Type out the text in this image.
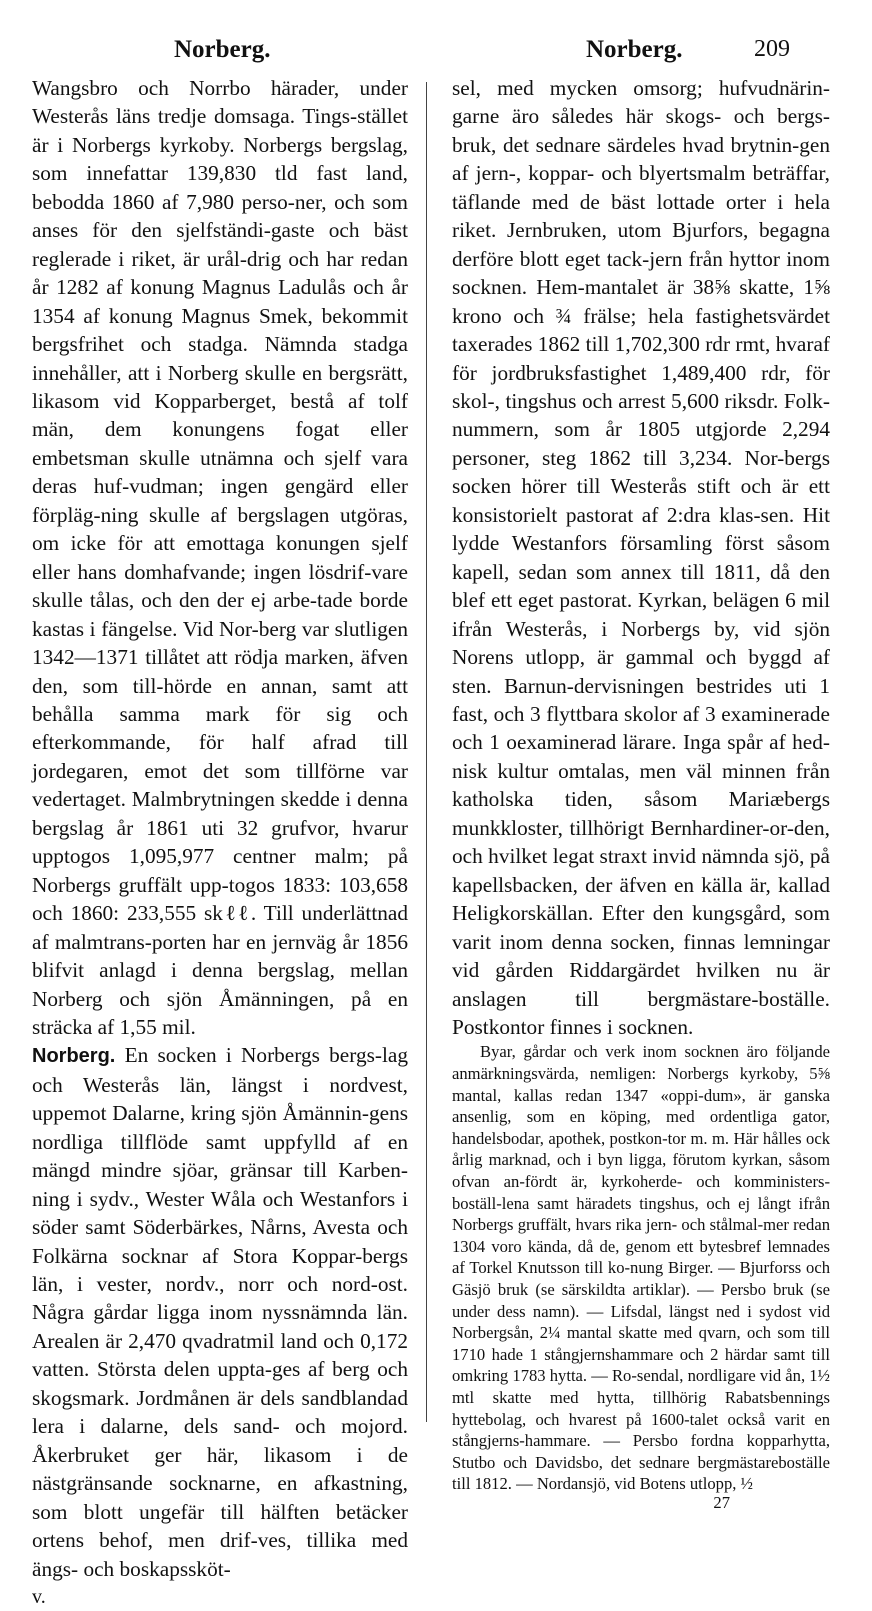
Norberg.	Norberg.	209

Wangsbro och Norrbo härader, under Westerås läns tredje domsaga. Tings-stället är i Norbergs kyrkoby. Norbergs bergslag, som innefattar 139,830 tld fast land, bebodda 1860 af 7,980 perso-ner, och som anses för den sjelfständi-gaste och bäst reglerade i riket, är urål-drig och har redan år 1282 af konung Magnus Ladulås och år 1354 af konung Magnus Smek, bekommit bergsfrihet och stadga. Nämnda stadga innehåller, att i Norberg skulle en bergsrätt, likasom vid Kopparberget, bestå af tolf män, dem konungens fogat eller embetsman skulle utnämna och sjelf vara deras huf-vudman; ingen gengärd eller förpläg-ning skulle af bergslagen utgöras, om icke för att emottaga konungen sjelf eller hans domhafvande; ingen lösdrif-vare skulle tålas, och den der ej arbe-tade borde kastas i fängelse. Vid Nor-berg var slutligen 1342—1371 tillåtet att rödja marken, äfven den, som till-hörde en annan, samt att behålla samma mark för sig och efterkommande, för half afrad till jordegaren, emot det som tillförne var vedertaget. Malmbrytningen skedde i denna bergslag år 1861 uti 32 grufvor, hvarur upptogos 1,095,977 centner malm; på Norbergs gruffält upp-togos 1833: 103,658 och 1860: 233,555 skℓℓ. Till underlättnad af malmtrans-porten har en jernväg år 1856 blifvit anlagd i denna bergslag, mellan Norberg och sjön Åmänningen, på en sträcka af 1,55 mil.

Norberg. En socken i Norbergs bergs-lag och Westerås län, längst i nordvest, uppemot Dalarne, kring sjön Åmännin-gens nordliga tillflöde samt uppfylld af en mängd mindre sjöar, gränsar till Karben-ning i sydv., Wester Wåla och Westanfors i söder samt Söderbärkes, Nårns, Avesta och Folkärna socknar af Stora Koppar-bergs län, i vester, nordv., norr och nord-ost. Några gårdar ligga inom nyssnämnda län. Arealen är 2,470 qvadratmil land och 0,172 vatten. Största delen uppta-ges af berg och skogsmark. Jordmånen är dels sandblandad lera i dalarne, dels sand- och mojord. Åkerbruket ger här, likasom i de nästgränsande socknarne, en afkastning, som blott ungefär till hälften betäcker ortens behof, men drif-ves, tillika med ängs- och boskapssköt-

v.

sel, med mycken omsorg; hufvudnärin-garne äro således här skogs- och bergs-bruk, det sednare särdeles hvad brytnin-gen af jern-, koppar- och blyertsmalm beträffar, täflande med de bäst lottade orter i hela riket. Jernbruken, utom Bjurfors, begagna derföre blott eget tack-jern från hyttor inom socknen. Hem-mantalet är 38⅝ skatte, 1⅝ krono och ¾ frälse; hela fastighetsvärdet taxerades 1862 till 1,702,300 rdr rmt, hvaraf för jordbruksfastighet 1,489,400 rdr, för skol-, tingshus och arrest 5,600 riksdr. Folk-nummern, som år 1805 utgjorde 2,294 personer, steg 1862 till 3,234. Nor-bergs socken hörer till Westerås stift och är ett konsistorielt pastorat af 2:dra klas-sen. Hit lydde Westanfors församling först såsom kapell, sedan som annex till 1811, då den blef ett eget pastorat. Kyrkan, belägen 6 mil ifrån Westerås, i Norbergs by, vid sjön Norens utlopp, är gammal och byggd af sten. Barnun-dervisningen bestrides uti 1 fast, och 3 flyttbara skolor af 3 examinerade och 1 oexaminerad lärare. Inga spår af hed-nisk kultur omtalas, men väl minnen från katholska tiden, såsom Mariæbergs munkkloster, tillhörigt Bernhardiner-or-den, och hvilket legat straxt invid nämnda sjö, på kapellsbacken, der äfven en källa är, kallad Heligkorskällan. Efter den kungsgård, som varit inom denna socken, finnas lemningar vid gården Riddargärdet hvilken nu är anslagen till bergmästare-boställe. Postkontor finnes i socknen.

Byar, gårdar och verk inom socknen äro följande anmärkningsvärda, nemligen: Norbergs kyrkoby, 5⅝ mantal, kallas redan 1347 «oppi-dum», är ganska ansenlig, som en köping, med ordentliga gator, handelsbodar, apothek, postkon-tor m. m. Här hålles ock årlig marknad, och i byn ligga, förutom kyrkan, såsom ofvan an-fördt är, kyrkoherde- och komministers-boställ-lena samt häradets tingshus, och ej långt ifrån Norbergs gruffält, hvars rika jern- och stålmal-mer redan 1304 voro kända, då de, genom ett bytesbref lemnades af Torkel Knutsson till ko-nung Birger. — Bjurforss och Gäsjö bruk (se särskildta artiklar). — Persbo bruk (se under dess namn). — Lifsdal, längst ned i sydost vid Norbergsån, 2¼ mantal skatte med qvarn, och som till 1710 hade 1 stångjernshammare och 2 härdar samt till omkring 1783 hytta. — Ro-sendal, nordligare vid ån, 1½ mtl skatte med hytta, tillhörig Rabatsbennings hyttebolag, och hvarest på 1600-talet också varit en stångjerns-hammare. — Persbo fordna kopparhytta, Stutbo och Davidsbo, det sednare bergmästareboställe till 1812. — Nordansjö, vid Botens utlopp, ½

27
